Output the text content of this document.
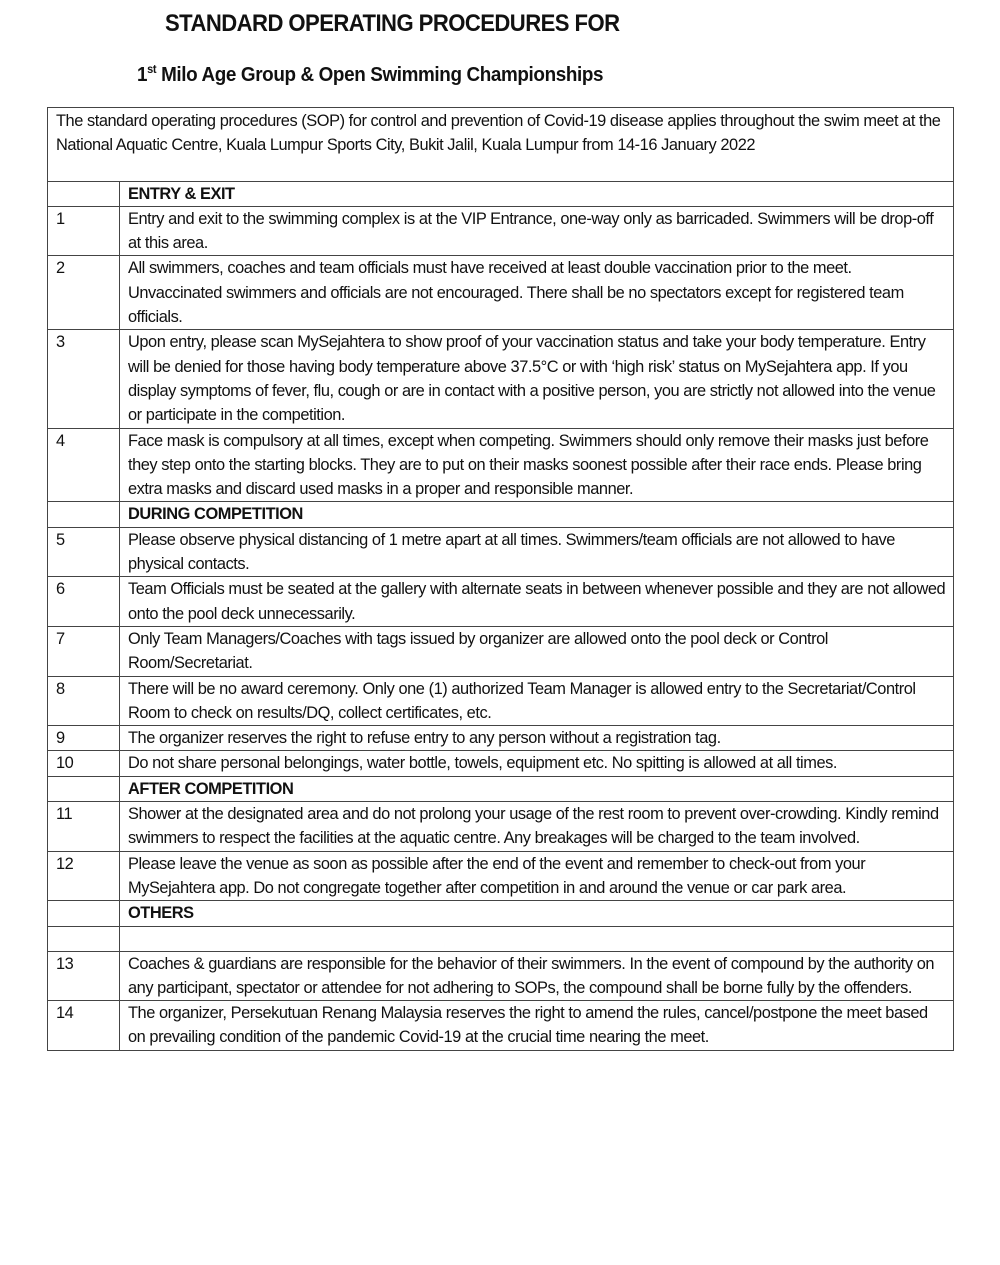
STANDARD OPERATING PROCEDURES FOR
1st Milo Age Group & Open Swimming Championships
The standard operating procedures (SOP) for control and prevention of Covid-19 disease applies throughout the swim meet at the National Aquatic Centre, Kuala Lumpur Sports City, Bukit Jalil, Kuala Lumpur from 14-16 January 2022	
	ENTRY & EXIT
1	Entry and exit to the swimming complex is at the VIP Entrance, one-way only as barricaded. Swimmers will be drop-off at this area.
2	All swimmers, coaches and team officials must have received at least double vaccination prior to the meet. Unvaccinated swimmers and officials are not encouraged. There shall be no spectators except for registered team officials.
3	Upon entry, please scan MySejahtera to show proof of your vaccination status and take your body temperature. Entry will be denied for those having body temperature above 37.5°C or with ‘high risk’ status on MySejahtera app. If you display symptoms of fever, flu, cough or are in contact with a positive person, you are strictly not allowed into the venue or participate in the competition.
4	Face mask is compulsory at all times, except when competing. Swimmers should only remove their masks just before they step onto the starting blocks. They are to put on their masks soonest possible after their race ends. Please bring extra masks and discard used masks in a proper and responsible manner.
	DURING COMPETITION
5	Please observe physical distancing of 1 metre apart at all times. Swimmers/team officials are not allowed to have physical contacts.
6	Team Officials must be seated at the gallery with alternate seats in between whenever possible and they are not allowed onto the pool deck unnecessarily.
7	Only Team Managers/Coaches with tags issued by organizer are allowed onto the pool deck or Control Room/Secretariat.
8	There will be no award ceremony. Only one (1) authorized Team Manager is allowed entry to the Secretariat/Control Room to check on results/DQ, collect certificates, etc.
9	The organizer reserves the right to refuse entry to any person without a registration tag.
10	Do not share personal belongings, water bottle, towels, equipment etc. No spitting is allowed at all times.
	AFTER COMPETITION
11	Shower at the designated area and do not prolong your usage of the rest room to prevent over-crowding. Kindly remind swimmers to respect the facilities at the aquatic centre. Any breakages will be charged to the team involved.
12	Please leave the venue as soon as possible after the end of the event and remember to check-out from your MySejahtera app. Do not congregate together after competition in and around the venue or car park area.
	OTHERS

13	Coaches & guardians are responsible for the behavior of their swimmers. In the event of compound by the authority on any participant, spectator or attendee for not adhering to SOPs, the compound shall be borne fully by the offenders.
14	The organizer, Persekutuan Renang Malaysia reserves the right to amend the rules, cancel/postpone the meet based on prevailing condition of the pandemic Covid-19 at the crucial time nearing the meet.
